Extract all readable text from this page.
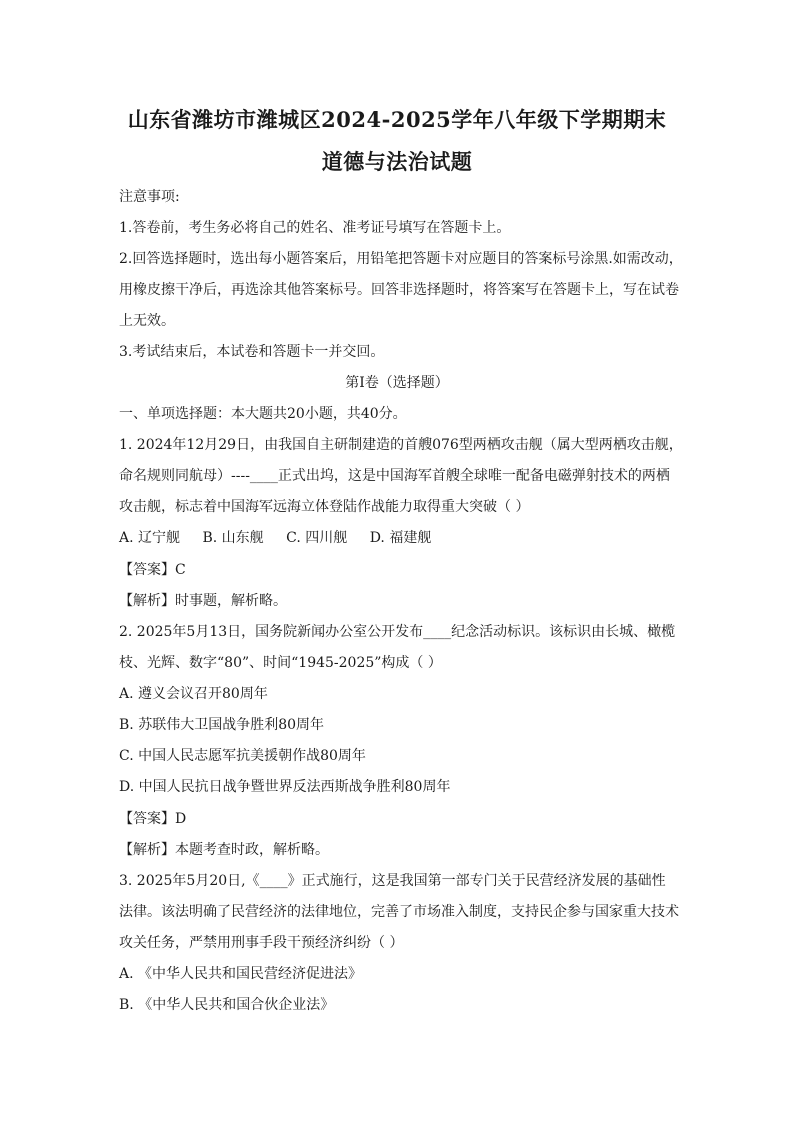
山东省潍坊市潍城区2024-2025学年八年级下学期期末
道德与法治试题
注意事项:
1.答卷前，考生务必将自己的姓名、准考证号填写在答题卡上。
2.回答选择题时，选出每小题答案后，用铅笔把答题卡对应题目的答案标号涂黑.如需改动，
用橡皮擦干净后，再选涂其他答案标号。回答非选择题时，将答案写在答题卡上，写在试卷
上无效。
3.考试结束后，本试卷和答题卡一并交回。
第I卷（选择题）
一、单项选择题：本大题共20小题，共40分。
1. 2024年12月29日，由我国自主研制建造的首艘076型两栖攻击舰（属大型两栖攻击舰，
命名规则同航母）----____正式出坞，这是中国海军首艘全球唯一配备电磁弹射技术的两栖
攻击舰，标志着中国海军远海立体登陆作战能力取得重大突破（ ）
A. 辽宁舰 B. 山东舰 C. 四川舰 D. 福建舰
【答案】C
【解析】时事题，解析略。
2. 2025年5月13日，国务院新闻办公室公开发布____纪念活动标识。该标识由长城、橄榄
枝、光辉、数字“80”、时间“1945-2025”构成（ ）
A. 遵义会议召开80周年
B. 苏联伟大卫国战争胜利80周年
C. 中国人民志愿军抗美援朝作战80周年
D. 中国人民抗日战争暨世界反法西斯战争胜利80周年
【答案】D
【解析】本题考查时政，解析略。
3. 2025年5月20日,《____》正式施行，这是我国第一部专门关于民营经济发展的基础性
法律。该法明确了民营经济的法律地位，完善了市场准入制度，支持民企参与国家重大技术
攻关任务，严禁用刑事手段干预经济纠纷（ ）
A. 《中华人民共和国民营经济促进法》
B. 《中华人民共和国合伙企业法》
